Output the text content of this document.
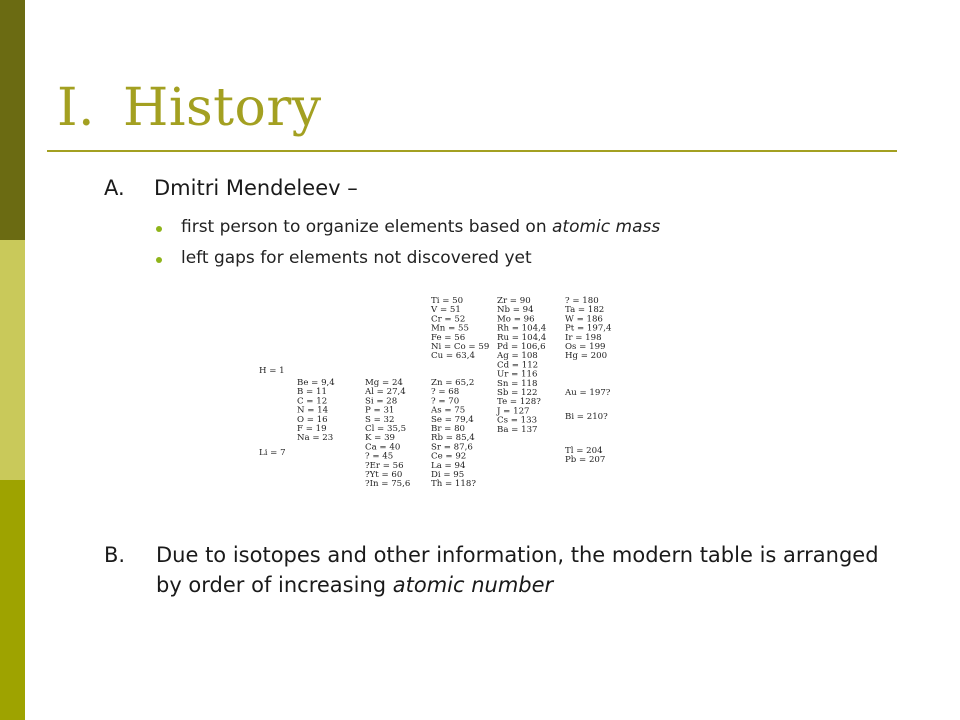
I. History
A. Dmitri Mendeleev –
first person to organize elements based on atomic mass
left gaps for elements not discovered yet
H = 1
Li = 7
Be = 9,4
B = 11
C = 12
N = 14
O = 16
F = 19
Na = 23
Mg = 24
Al = 27,4
Si = 28
P = 31
S = 32
Cl = 35,5
K = 39
Ca = 40
? = 45
?Er = 56
?Yt = 60
?In = 75,6
Ti = 50
V = 51
Cr = 52
Mn = 55
Fe = 56
Ni = Co = 59
Cu = 63,4
Zn = 65,2
? = 68
? = 70
As = 75
Se = 79,4
Br = 80
Rb = 85,4
Sr = 87,6
Ce = 92
La = 94
Di = 95
Th = 118?
Zr = 90
Nb = 94
Mo = 96
Rh = 104,4
Ru = 104,4
Pd = 106,6
Ag = 108
Cd = 112
Ur = 116
Sn = 118
Sb = 122
Te = 128?
J = 127
Cs = 133
Ba = 137
? = 180
Ta = 182
W = 186
Pt = 197,4
Ir = 198
Os = 199
Hg = 200
Au = 197?
Bi = 210?
Tl = 204
Pb = 207
B.	Due to isotopes and other information, the modern table is arranged by order of increasing atomic number
